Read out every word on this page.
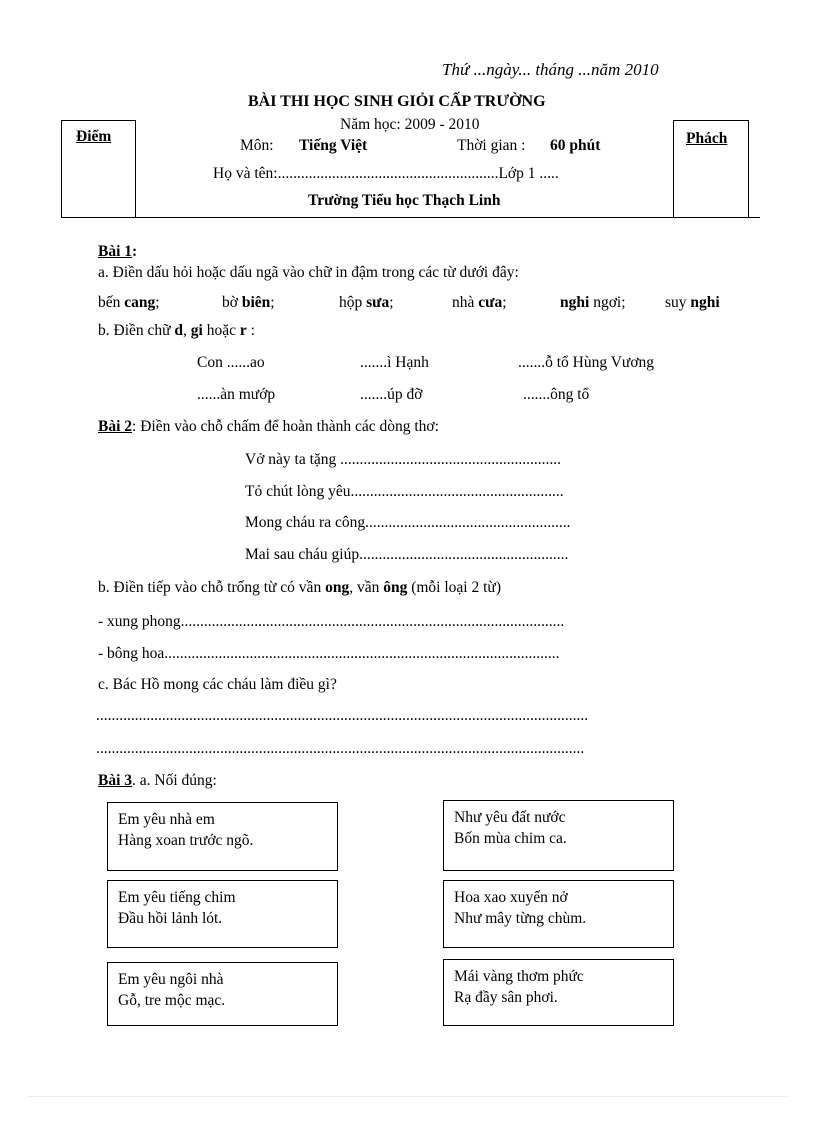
Thứ ...ngày... tháng ...năm 2010
BÀI THI HỌC SINH GIỎI CẤP TRƯỜNG
Năm học: 2009 - 2010
Môn: Tiếng Việt	Thời gian : 60 phút
Họ và tên:.........................................................Lớp 1 .....
Trường Tiểu học Thạch Linh
Điểm	Phách
Bài 1:
a. Điền dấu hỏi hoặc dấu ngã vào chữ in đậm trong các từ dưới đây:
bến cang;	bờ biên;	hộp sưa;	nhà cưa;	nghi ngơi;	suy nghi
b. Điền chữ d, gi hoặc r :
Con ......ao	.......ì Hạnh	.......ỗ tổ Hùng Vương
......àn mướp	.......úp đỡ	.......ông tổ
Bài 2: Điền vào chỗ chấm để hoàn thành các dòng thơ:
Vở này ta tặng .........................................................
Tỏ chút lòng yêu.......................................................
Mong cháu ra công.....................................................
Mai sau cháu giúp......................................................
b. Điền tiếp vào chỗ trống từ có vần ong, vần ông (mỗi loại 2 từ)
- xung phong...................................................................................................
- bông hoa......................................................................................................
c. Bác Hồ mong các cháu làm điều gì?
...............................................................................................................................
..............................................................................................................................
Bài 3. a. Nối đúng:
Em yêu nhà em
Hàng xoan trước ngõ.
Em yêu tiếng chim
Đầu hồi lảnh lót.
Em yêu ngôi nhà
Gỗ, tre mộc mạc.
Như yêu đất nước
Bốn mùa chim ca.
Hoa xao xuyến nở
Như mây từng chùm.
Mái vàng thơm phức
Rạ đầy sân phơi.
